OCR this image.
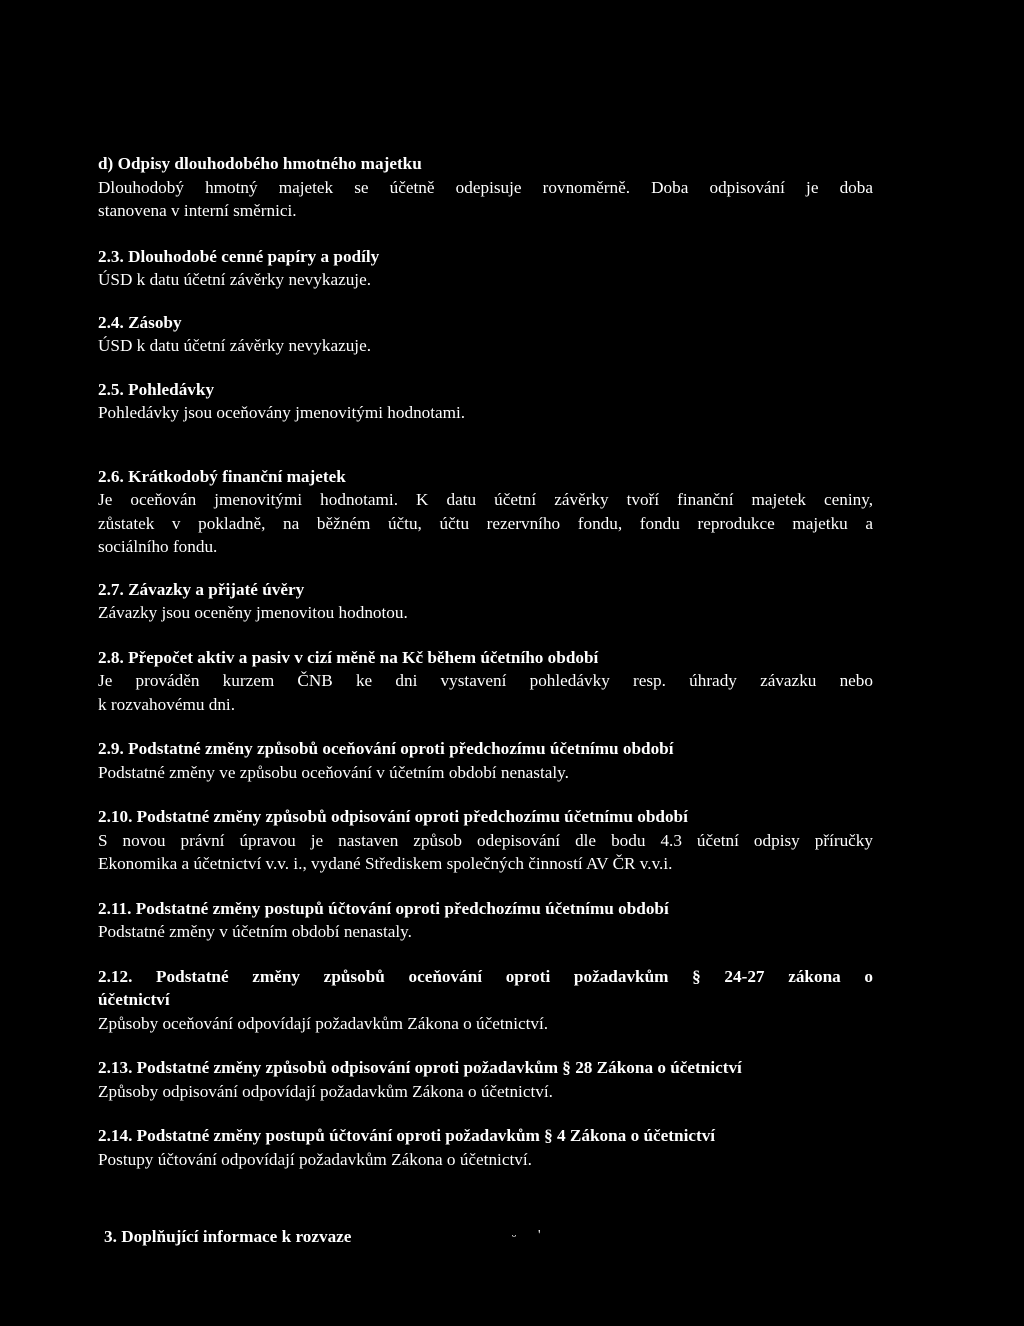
d) Odpisy dlouhodobého hmotného majetku
Dlouhodobý hmotný majetek se účetně odepisuje rovnoměrně. Doba odpisování je doba
stanovena v interní směrnici.
2.3. Dlouhodobé cenné papíry a podíly
ÚSD k datu účetní závěrky nevykazuje.
2.4. Zásoby
ÚSD k datu účetní závěrky nevykazuje.
2.5. Pohledávky
Pohledávky jsou oceňovány jmenovitými hodnotami.
2.6. Krátkodobý finanční majetek
Je oceňován jmenovitými hodnotami. K datu účetní závěrky tvoří finanční majetek ceniny,
zůstatek v pokladně, na běžném účtu, účtu rezervního fondu, fondu reprodukce majetku a
sociálního fondu.
2.7. Závazky a přijaté úvěry
Závazky jsou oceněny jmenovitou hodnotou.
2.8. Přepočet aktiv a pasiv v cizí měně na Kč během účetního období
Je prováděn kurzem ČNB ke dni vystavení pohledávky resp. úhrady závazku nebo
k rozvahovému dni.
2.9. Podstatné změny způsobů oceňování oproti předchozímu účetnímu období
Podstatné změny ve způsobu oceňování v účetním období nenastaly.
2.10. Podstatné změny způsobů odpisování oproti předchozímu účetnímu období
S novou právní úpravou je nastaven způsob odepisování dle bodu 4.3 účetní odpisy příručky
Ekonomika a účetnictví v.v. i., vydané Střediskem společných činností AV ČR v.v.i.
2.11. Podstatné změny postupů účtování oproti předchozímu účetnímu období
Podstatné změny v účetním období nenastaly.
2.12. Podstatné změny způsobů oceňování oproti požadavkům § 24-27 zákona o
účetnictví
Způsoby oceňování odpovídají požadavkům Zákona o účetnictví.
2.13. Podstatné změny způsobů odpisování oproti požadavkům § 28 Zákona o účetnictví
Způsoby odpisování odpovídají požadavkům Zákona o účetnictví.
2.14. Podstatné změny postupů účtování oproti požadavkům § 4 Zákona o účetnictví
Postupy účtování odpovídají požadavkům Zákona o účetnictví.
3. Doplňující informace k rozvaze	ᵕ '
